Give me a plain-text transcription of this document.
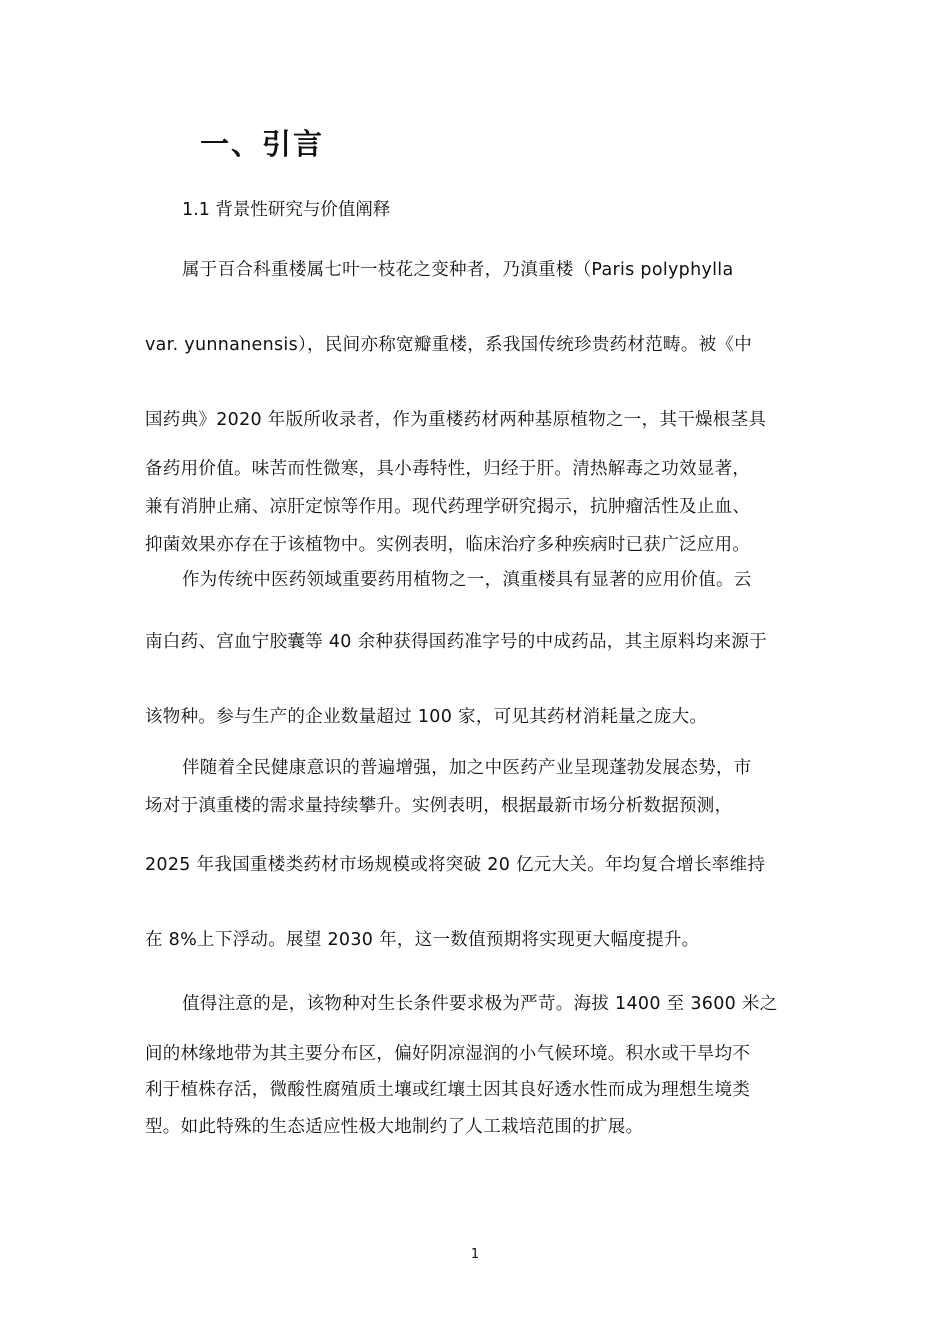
一、引言
1.1 背景性研究与价值阐释
属于百合科重楼属七叶一枝花之变种者，乃滇重楼（Paris polyphylla
var. yunnanensis），民间亦称宽瓣重楼，系我国传统珍贵药材范畴。被《中
国药典》2020 年版所收录者，作为重楼药材两种基原植物之一，其干燥根茎具
备药用价值。味苦而性微寒，具小毒特性，归经于肝。清热解毒之功效显著，
兼有消肿止痛、凉肝定惊等作用。现代药理学研究揭示，抗肿瘤活性及止血、
抑菌效果亦存在于该植物中。实例表明，临床治疗多种疾病时已获广泛应用。
作为传统中医药领域重要药用植物之一，滇重楼具有显著的应用价值。云
南白药、宫血宁胶囊等 40 余种获得国药准字号的中成药品，其主原料均来源于
该物种。参与生产的企业数量超过 100 家，可见其药材消耗量之庞大。
伴随着全民健康意识的普遍增强，加之中医药产业呈现蓬勃发展态势，市
场对于滇重楼的需求量持续攀升。实例表明，根据最新市场分析数据预测，
2025 年我国重楼类药材市场规模或将突破 20 亿元大关。年均复合增长率维持
在 8%上下浮动。展望 2030 年，这一数值预期将实现更大幅度提升。
值得注意的是，该物种对生长条件要求极为严苛。海拔 1400 至 3600 米之
间的林缘地带为其主要分布区，偏好阴凉湿润的小气候环境。积水或干旱均不
利于植株存活，微酸性腐殖质土壤或红壤土因其良好透水性而成为理想生境类
型。如此特殊的生态适应性极大地制约了人工栽培范围的扩展。
1
